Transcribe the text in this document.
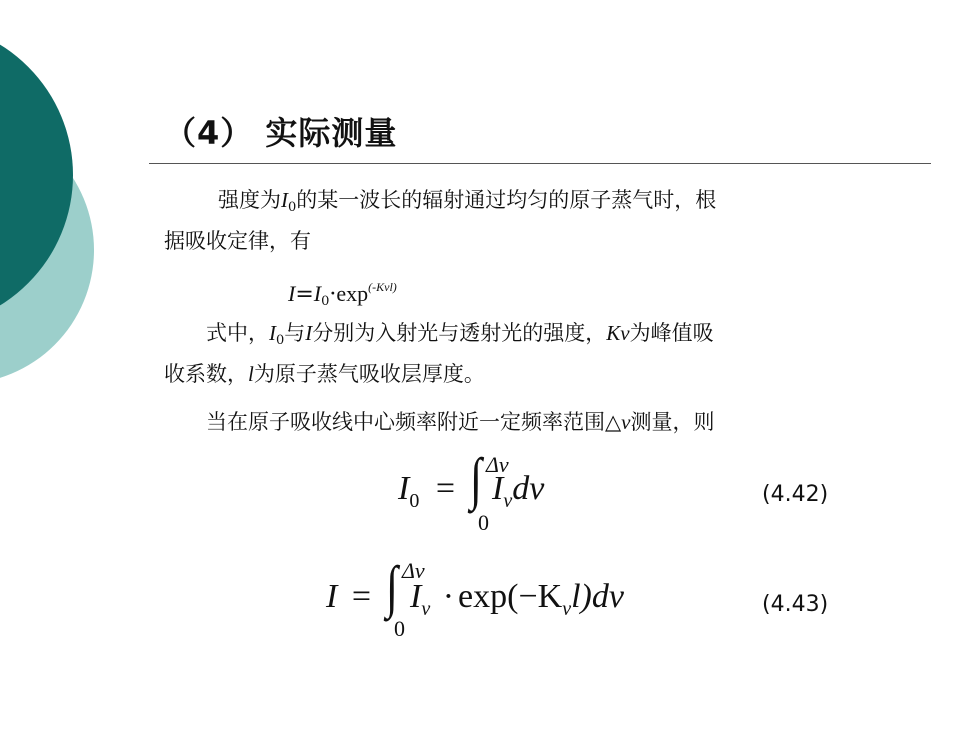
（4） 实际测量
强度为$I_0$的某一波长的辐射通过均匀的原子蒸气时，根
据吸收定律，有
$I=I_0\cdot\exp^{(-Kvl)}$
式中，$I_0$与I分别为入射光与透射光的强度，Kv为峰值吸
收系数，l为原子蒸气吸收层厚度。
当在原子吸收线中心频率附近一定频率范围△v测量，则
$I_0$ = ∫ Δv
0
$I_vdv$	(4.42)
I = ∫ Δv
0
$I_v \cdot \exp(-K_vl)dv$	(4.43)
